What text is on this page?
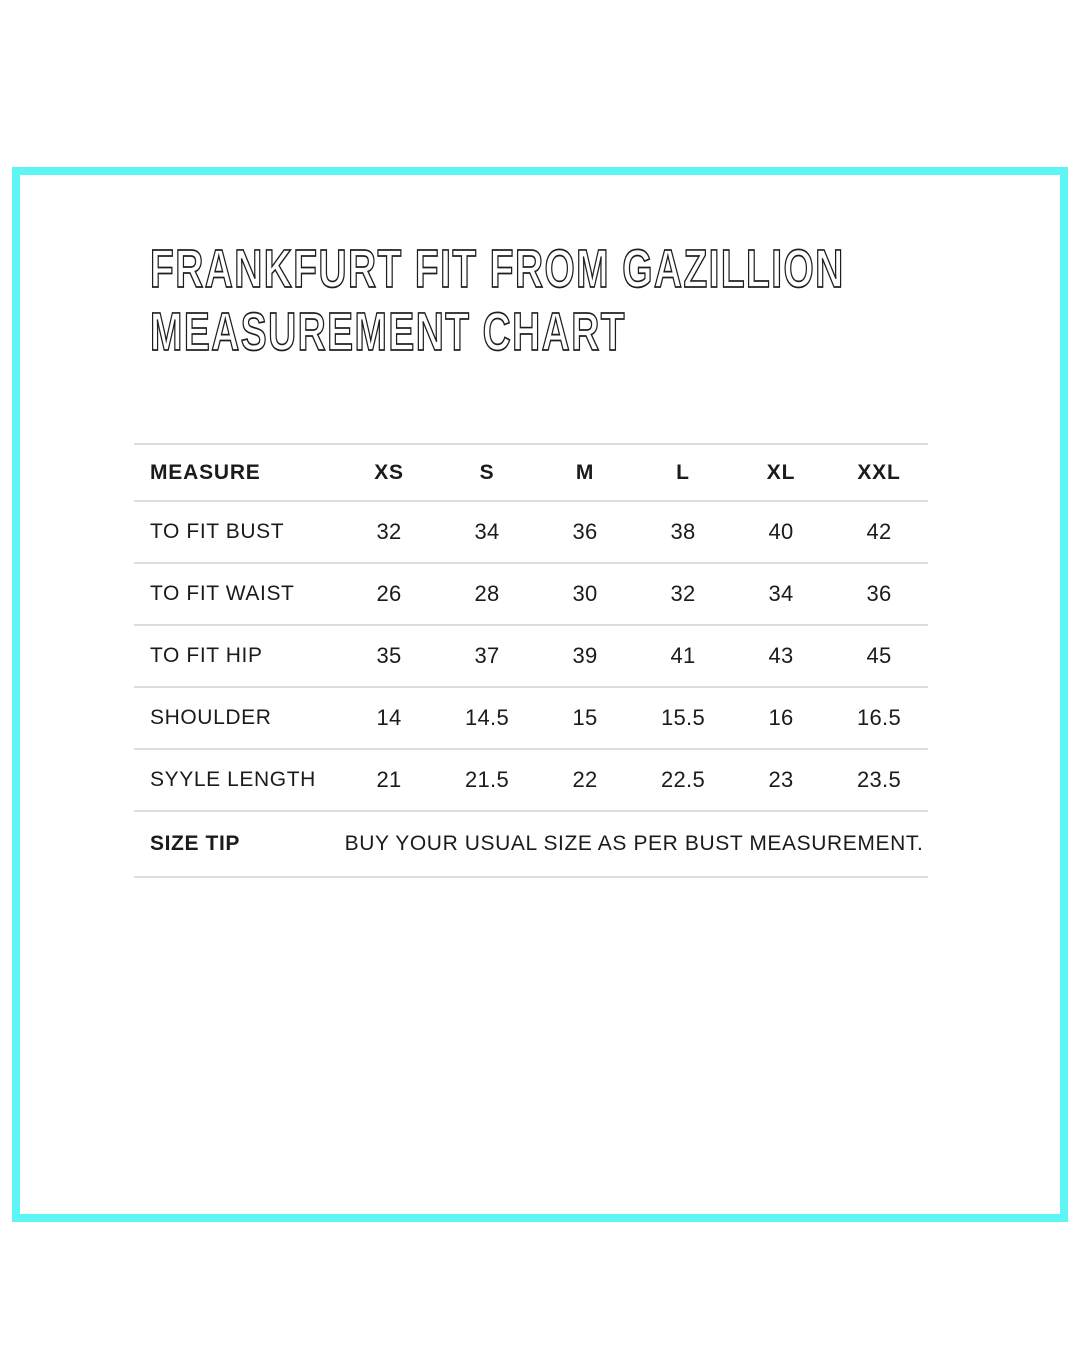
FRANKFURT FIT FROM GAZILLION
MEASUREMENT CHART
MEASURE	XS	S	M	L	XL	XXL
TO FIT BUST	32	34	36	38	40	42
TO FIT WAIST	26	28	30	32	34	36
TO FIT HIP	35	37	39	41	43	45
SHOULDER	14	14.5	15	15.5	16	16.5
SYYLE LENGTH	21	21.5	22	22.5	23	23.5
SIZE TIP	BUY YOUR USUAL SIZE AS PER BUST MEASUREMENT.
